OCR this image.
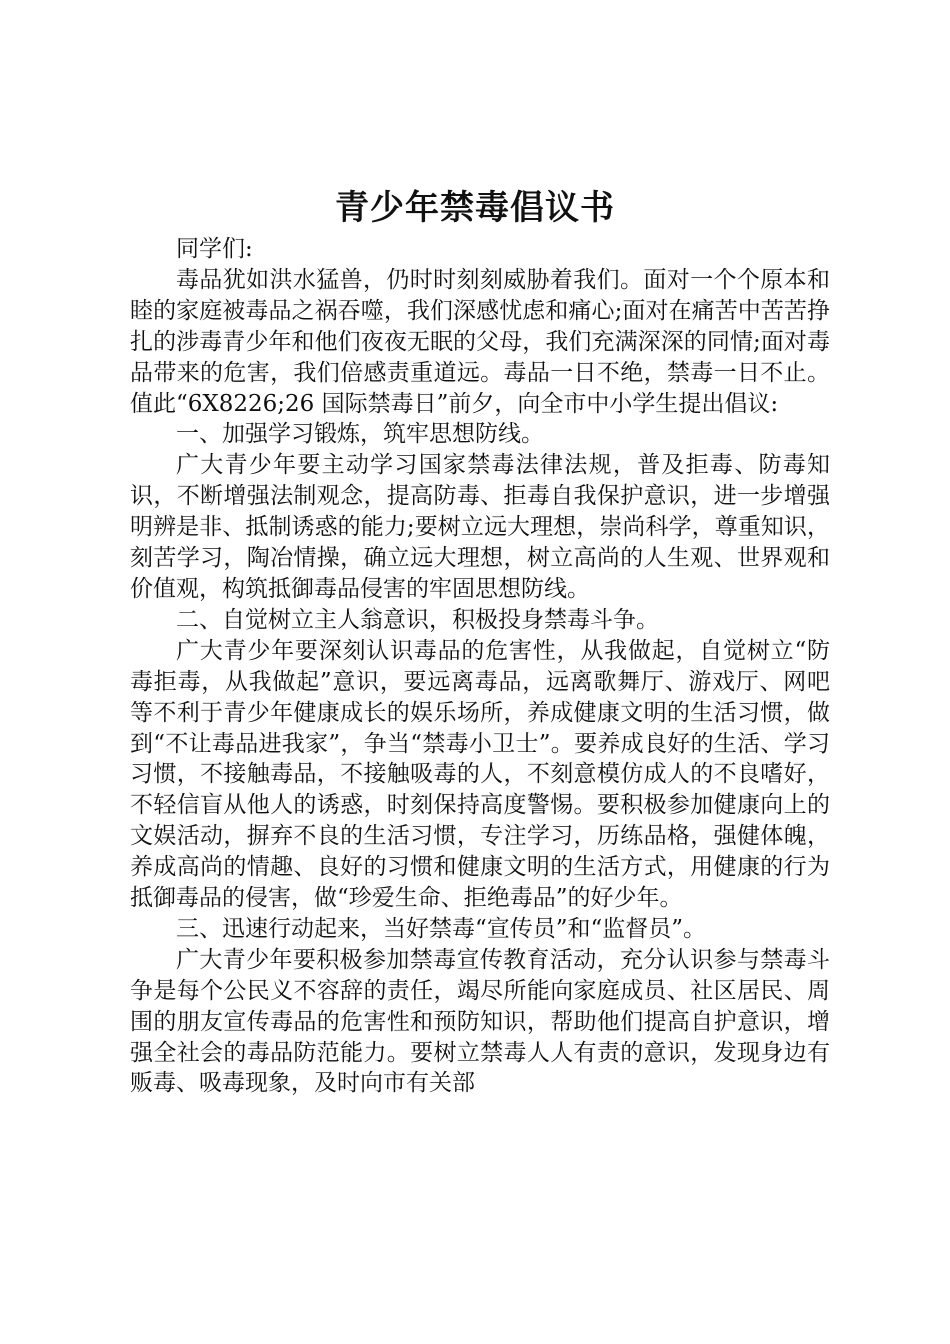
青少年禁毒倡议书

同学们:

毒品犹如洪水猛兽，仍时时刻刻威胁着我们。面对一个个原本和睦的家庭被毒品之祸吞噬，我们深感忧虑和痛心;面对在痛苦中苦苦挣扎的涉毒青少年和他们夜夜无眠的父母，我们充满深深的同情;面对毒品带来的危害，我们倍感责重道远。毒品一日不绝，禁毒一日不止。值此“6X8226;26 国际禁毒日”前夕，向全市中小学生提出倡议:

一、加强学习锻炼，筑牢思想防线。

广大青少年要主动学习国家禁毒法律法规，普及拒毒、防毒知识，不断增强法制观念，提高防毒、拒毒自我保护意识，进一步增强明辨是非、抵制诱惑的能力;要树立远大理想，崇尚科学，尊重知识，刻苦学习，陶冶情操，确立远大理想，树立高尚的人生观、世界观和价值观，构筑抵御毒品侵害的牢固思想防线。

二、自觉树立主人翁意识，积极投身禁毒斗争。

广大青少年要深刻认识毒品的危害性，从我做起，自觉树立“防毒拒毒，从我做起”意识，要远离毒品，远离歌舞厅、游戏厅、网吧等不利于青少年健康成长的娱乐场所，养成健康文明的生活习惯，做到“不让毒品进我家”，争当“禁毒小卫士”。要养成良好的生活、学习习惯，不接触毒品，不接触吸毒的人，不刻意模仿成人的不良嗜好，不轻信盲从他人的诱惑，时刻保持高度警惕。要积极参加健康向上的文娱活动，摒弃不良的生活习惯，专注学习，历练品格，强健体魄，养成高尚的情趣、良好的习惯和健康文明的生活方式，用健康的行为抵御毒品的侵害，做“珍爱生命、拒绝毒品”的好少年。

三、迅速行动起来，当好禁毒“宣传员”和“监督员”。

广大青少年要积极参加禁毒宣传教育活动，充分认识参与禁毒斗争是每个公民义不容辞的责任，竭尽所能向家庭成员、社区居民、周围的朋友宣传毒品的危害性和预防知识，帮助他们提高自护意识，增强全社会的毒品防范能力。要树立禁毒人人有责的意识，发现身边有贩毒、吸毒现象，及时向市有关部
